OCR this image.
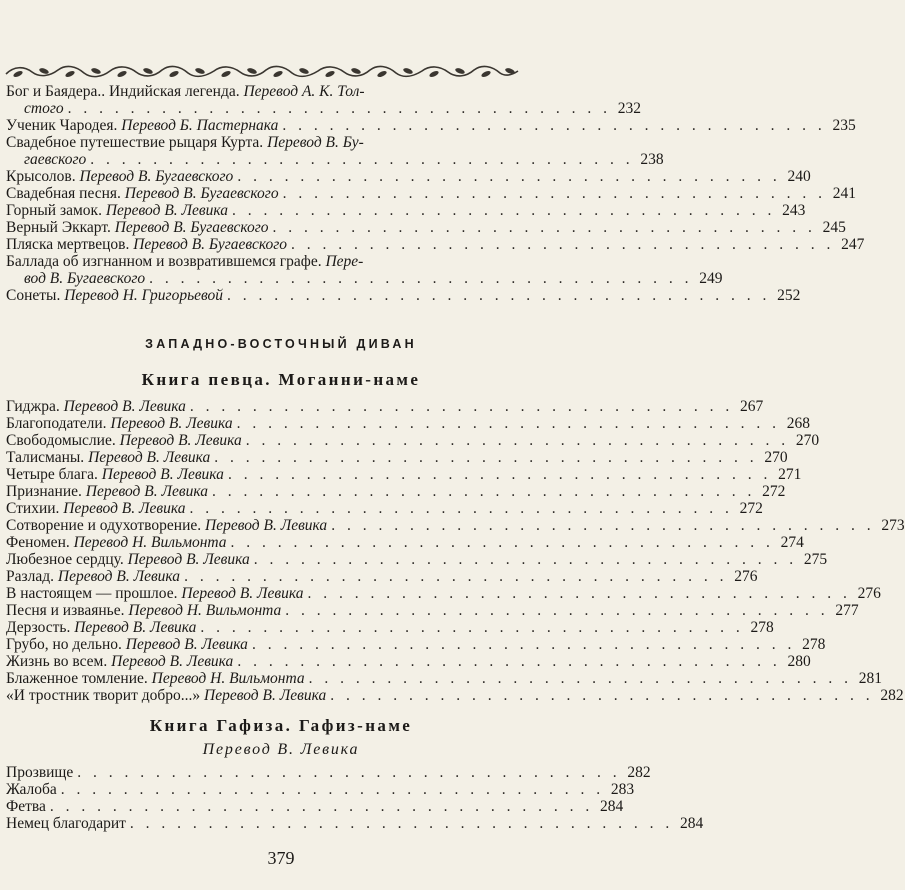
Бог и Баядера.. Индийская легенда. Перевод А. К. Тол-
стого . . . . . . . . . . . . . . . . . . . . . . . . . . . . . . . . . . . 232
Ученик Чародея. Перевод Б. Пастернака . . . . . . . . . . . . . . . . . . . . . . . . . . . . . . . . . . . 235
Свадебное путешествие рыцаря Курта. Перевод В. Бу-
гаевского . . . . . . . . . . . . . . . . . . . . . . . . . . . . . . . . . . . 238
Крысолов. Перевод В. Бугаевского . . . . . . . . . . . . . . . . . . . . . . . . . . . . . . . . . . . 240
Свадебная песня. Перевод В. Бугаевского . . . . . . . . . . . . . . . . . . . . . . . . . . . . . . . . . . . 241
Горный замок. Перевод В. Левика . . . . . . . . . . . . . . . . . . . . . . . . . . . . . . . . . . . 243
Верный Эккарт. Перевод В. Бугаевского . . . . . . . . . . . . . . . . . . . . . . . . . . . . . . . . . . . 245
Пляска мертвецов. Перевод В. Бугаевского . . . . . . . . . . . . . . . . . . . . . . . . . . . . . . . . . . . 247
Баллада об изгнанном и возвратившемся графе. Пере-
вод В. Бугаевского . . . . . . . . . . . . . . . . . . . . . . . . . . . . . . . . . . . 249
Сонеты. Перевод Н. Григорьевой . . . . . . . . . . . . . . . . . . . . . . . . . . . . . . . . . . . 252
ЗАПАДНО-ВОСТОЧНЫЙ ДИВАН
Книга певца. Моганни-наме
Гиджра. Перевод В. Левика . . . . . . . . . . . . . . . . . . . . . . . . . . . . . . . . . . . 267
Благоподатели. Перевод В. Левика . . . . . . . . . . . . . . . . . . . . . . . . . . . . . . . . . . . 268
Свободомыслие. Перевод В. Левика . . . . . . . . . . . . . . . . . . . . . . . . . . . . . . . . . . . 270
Талисманы. Перевод В. Левика . . . . . . . . . . . . . . . . . . . . . . . . . . . . . . . . . . . 270
Четыре блага. Перевод В. Левика . . . . . . . . . . . . . . . . . . . . . . . . . . . . . . . . . . . 271
Признание. Перевод В. Левика . . . . . . . . . . . . . . . . . . . . . . . . . . . . . . . . . . . 272
Стихии. Перевод В. Левика . . . . . . . . . . . . . . . . . . . . . . . . . . . . . . . . . . . 272
Сотворение и одухотворение. Перевод В. Левика . . . . . . . . . . . . . . . . . . . . . . . . . . . . . . . . . . . 273
Феномен. Перевод Н. Вильмонта . . . . . . . . . . . . . . . . . . . . . . . . . . . . . . . . . . . 274
Любезное сердцу. Перевод В. Левика . . . . . . . . . . . . . . . . . . . . . . . . . . . . . . . . . . . 275
Разлад. Перевод В. Левика . . . . . . . . . . . . . . . . . . . . . . . . . . . . . . . . . . . 276
В настоящем — прошлое. Перевод В. Левика . . . . . . . . . . . . . . . . . . . . . . . . . . . . . . . . . . . 276
Песня и изваянье. Перевод Н. Вильмонта . . . . . . . . . . . . . . . . . . . . . . . . . . . . . . . . . . . 277
Дерзость. Перевод В. Левика . . . . . . . . . . . . . . . . . . . . . . . . . . . . . . . . . . . 278
Грубо, но дельно. Перевод В. Левика . . . . . . . . . . . . . . . . . . . . . . . . . . . . . . . . . . . 278
Жизнь во всем. Перевод В. Левика . . . . . . . . . . . . . . . . . . . . . . . . . . . . . . . . . . . 280
Блаженное томление. Перевод Н. Вильмонта . . . . . . . . . . . . . . . . . . . . . . . . . . . . . . . . . . . 281
«И тростник творит добро...» Перевод В. Левика . . . . . . . . . . . . . . . . . . . . . . . . . . . . . . . . . . . 282
Книга Гафиза. Гафиз-наме
Перевод В. Левика
Прозвище . . . . . . . . . . . . . . . . . . . . . . . . . . . . . . . . . . . 282
Жалоба . . . . . . . . . . . . . . . . . . . . . . . . . . . . . . . . . . . 283
Фетва . . . . . . . . . . . . . . . . . . . . . . . . . . . . . . . . . . . 284
Немец благодарит . . . . . . . . . . . . . . . . . . . . . . . . . . . . . . . . . . . 284
379
